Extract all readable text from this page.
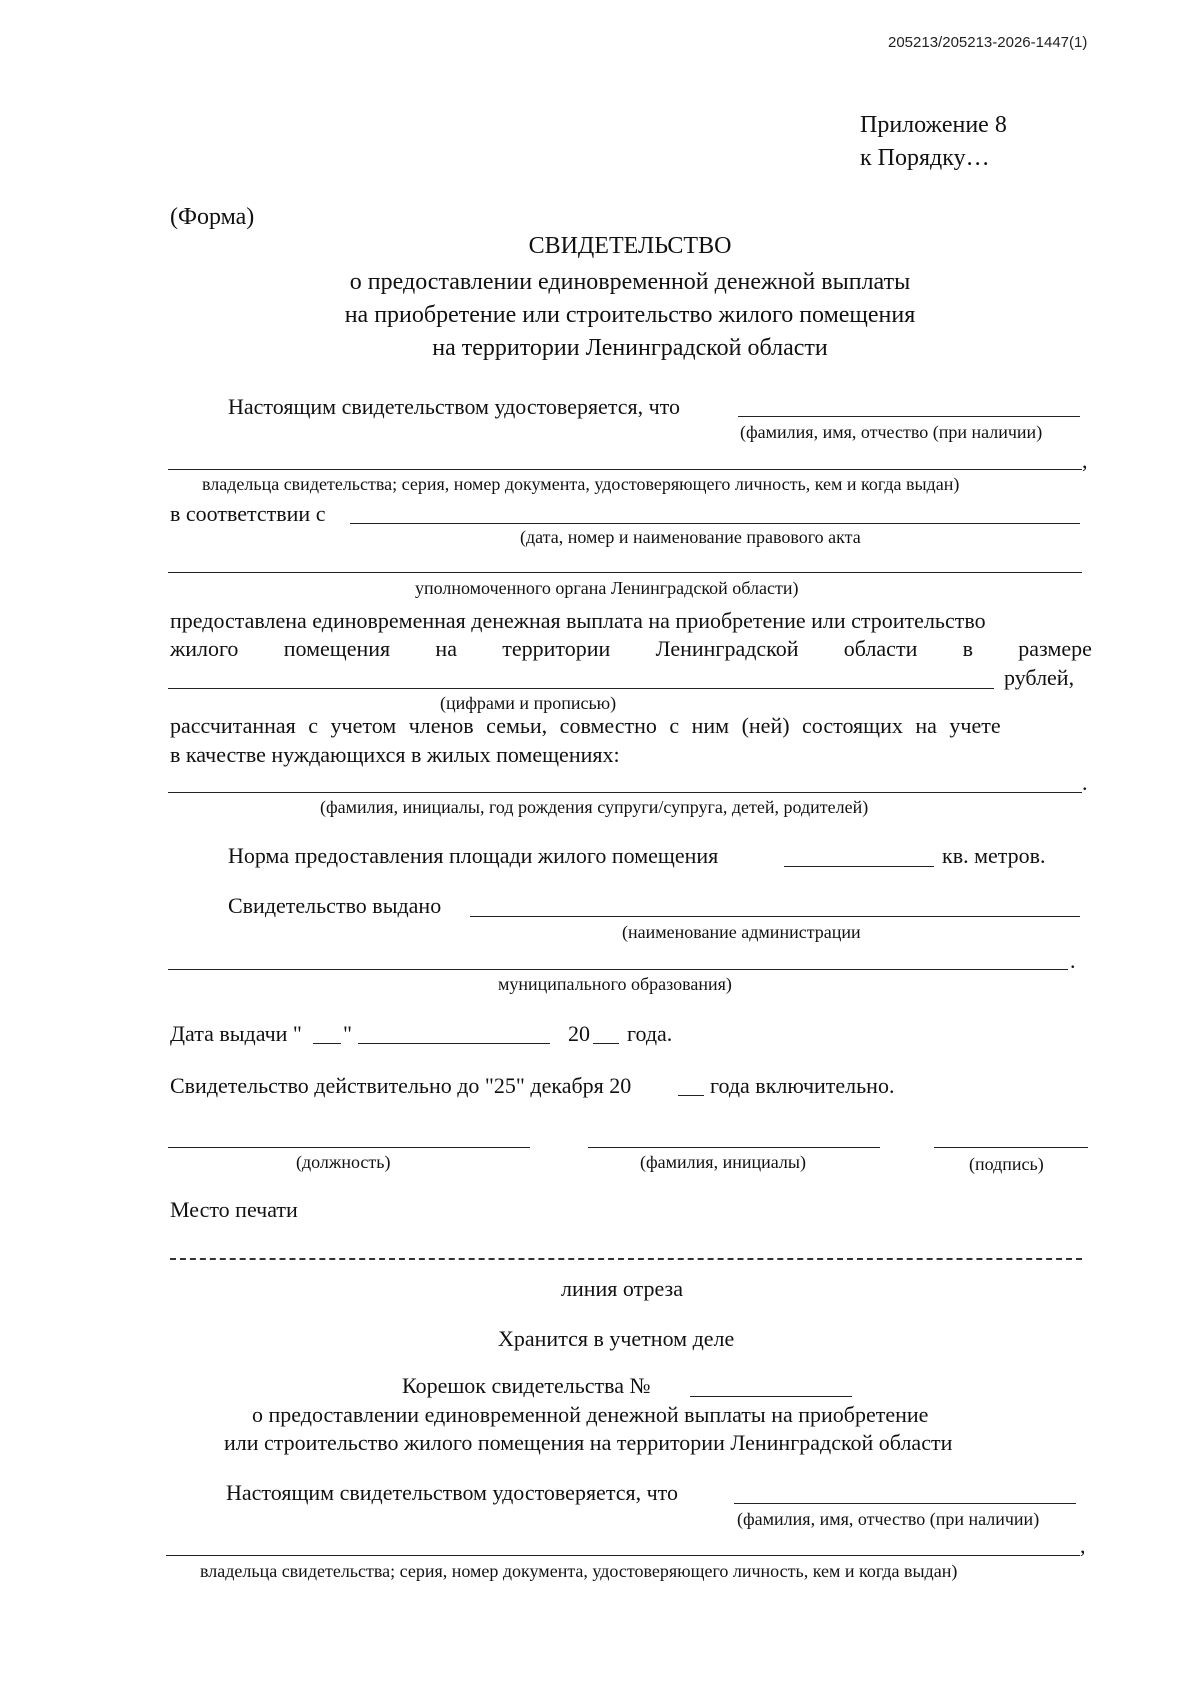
205213/205213-2026-1447(1)
Приложение 8
к Порядку…
(Форма)
СВИДЕТЕЛЬСТВО
о предоставлении единовременной денежной выплаты
на приобретение или строительство жилого помещения
на территории Ленинградской области
Настоящим свидетельством удостоверяется, что
(фамилия, имя, отчество (при наличии)
,
владельца свидетельства; серия, номер документа, удостоверяющего личность, кем и когда выдан)
в соответствии с
(дата, номер и наименование правового акта
уполномоченного органа Ленинградской области)
предоставлена единовременная денежная выплата на приобретение или строительство
жилого помещения на территории Ленинградской области в размере
рублей,
(цифрами и прописью)
рассчитанная с учетом членов семьи, совместно с ним (ней) состоящих на учете
в качестве нуждающихся в жилых помещениях:
.
(фамилия, инициалы, год рождения супруги/супруга, детей, родителей)
Норма предоставления площади жилого помещения	кв. метров.
Свидетельство выдано
(наименование администрации
.
муниципального образования)
Дата выдачи " "	20 года.
Свидетельство действительно до "25" декабря 20	года включительно.
(должность)	(фамилия, инициалы)	(подпись)
Место печати
линия отреза
Хранится в учетном деле
Корешок свидетельства №
о предоставлении единовременной денежной выплаты на приобретение
или строительство жилого помещения на территории Ленинградской области
Настоящим свидетельством удостоверяется, что
(фамилия, имя, отчество (при наличии)
,
владельца свидетельства; серия, номер документа, удостоверяющего личность, кем и когда выдан)
